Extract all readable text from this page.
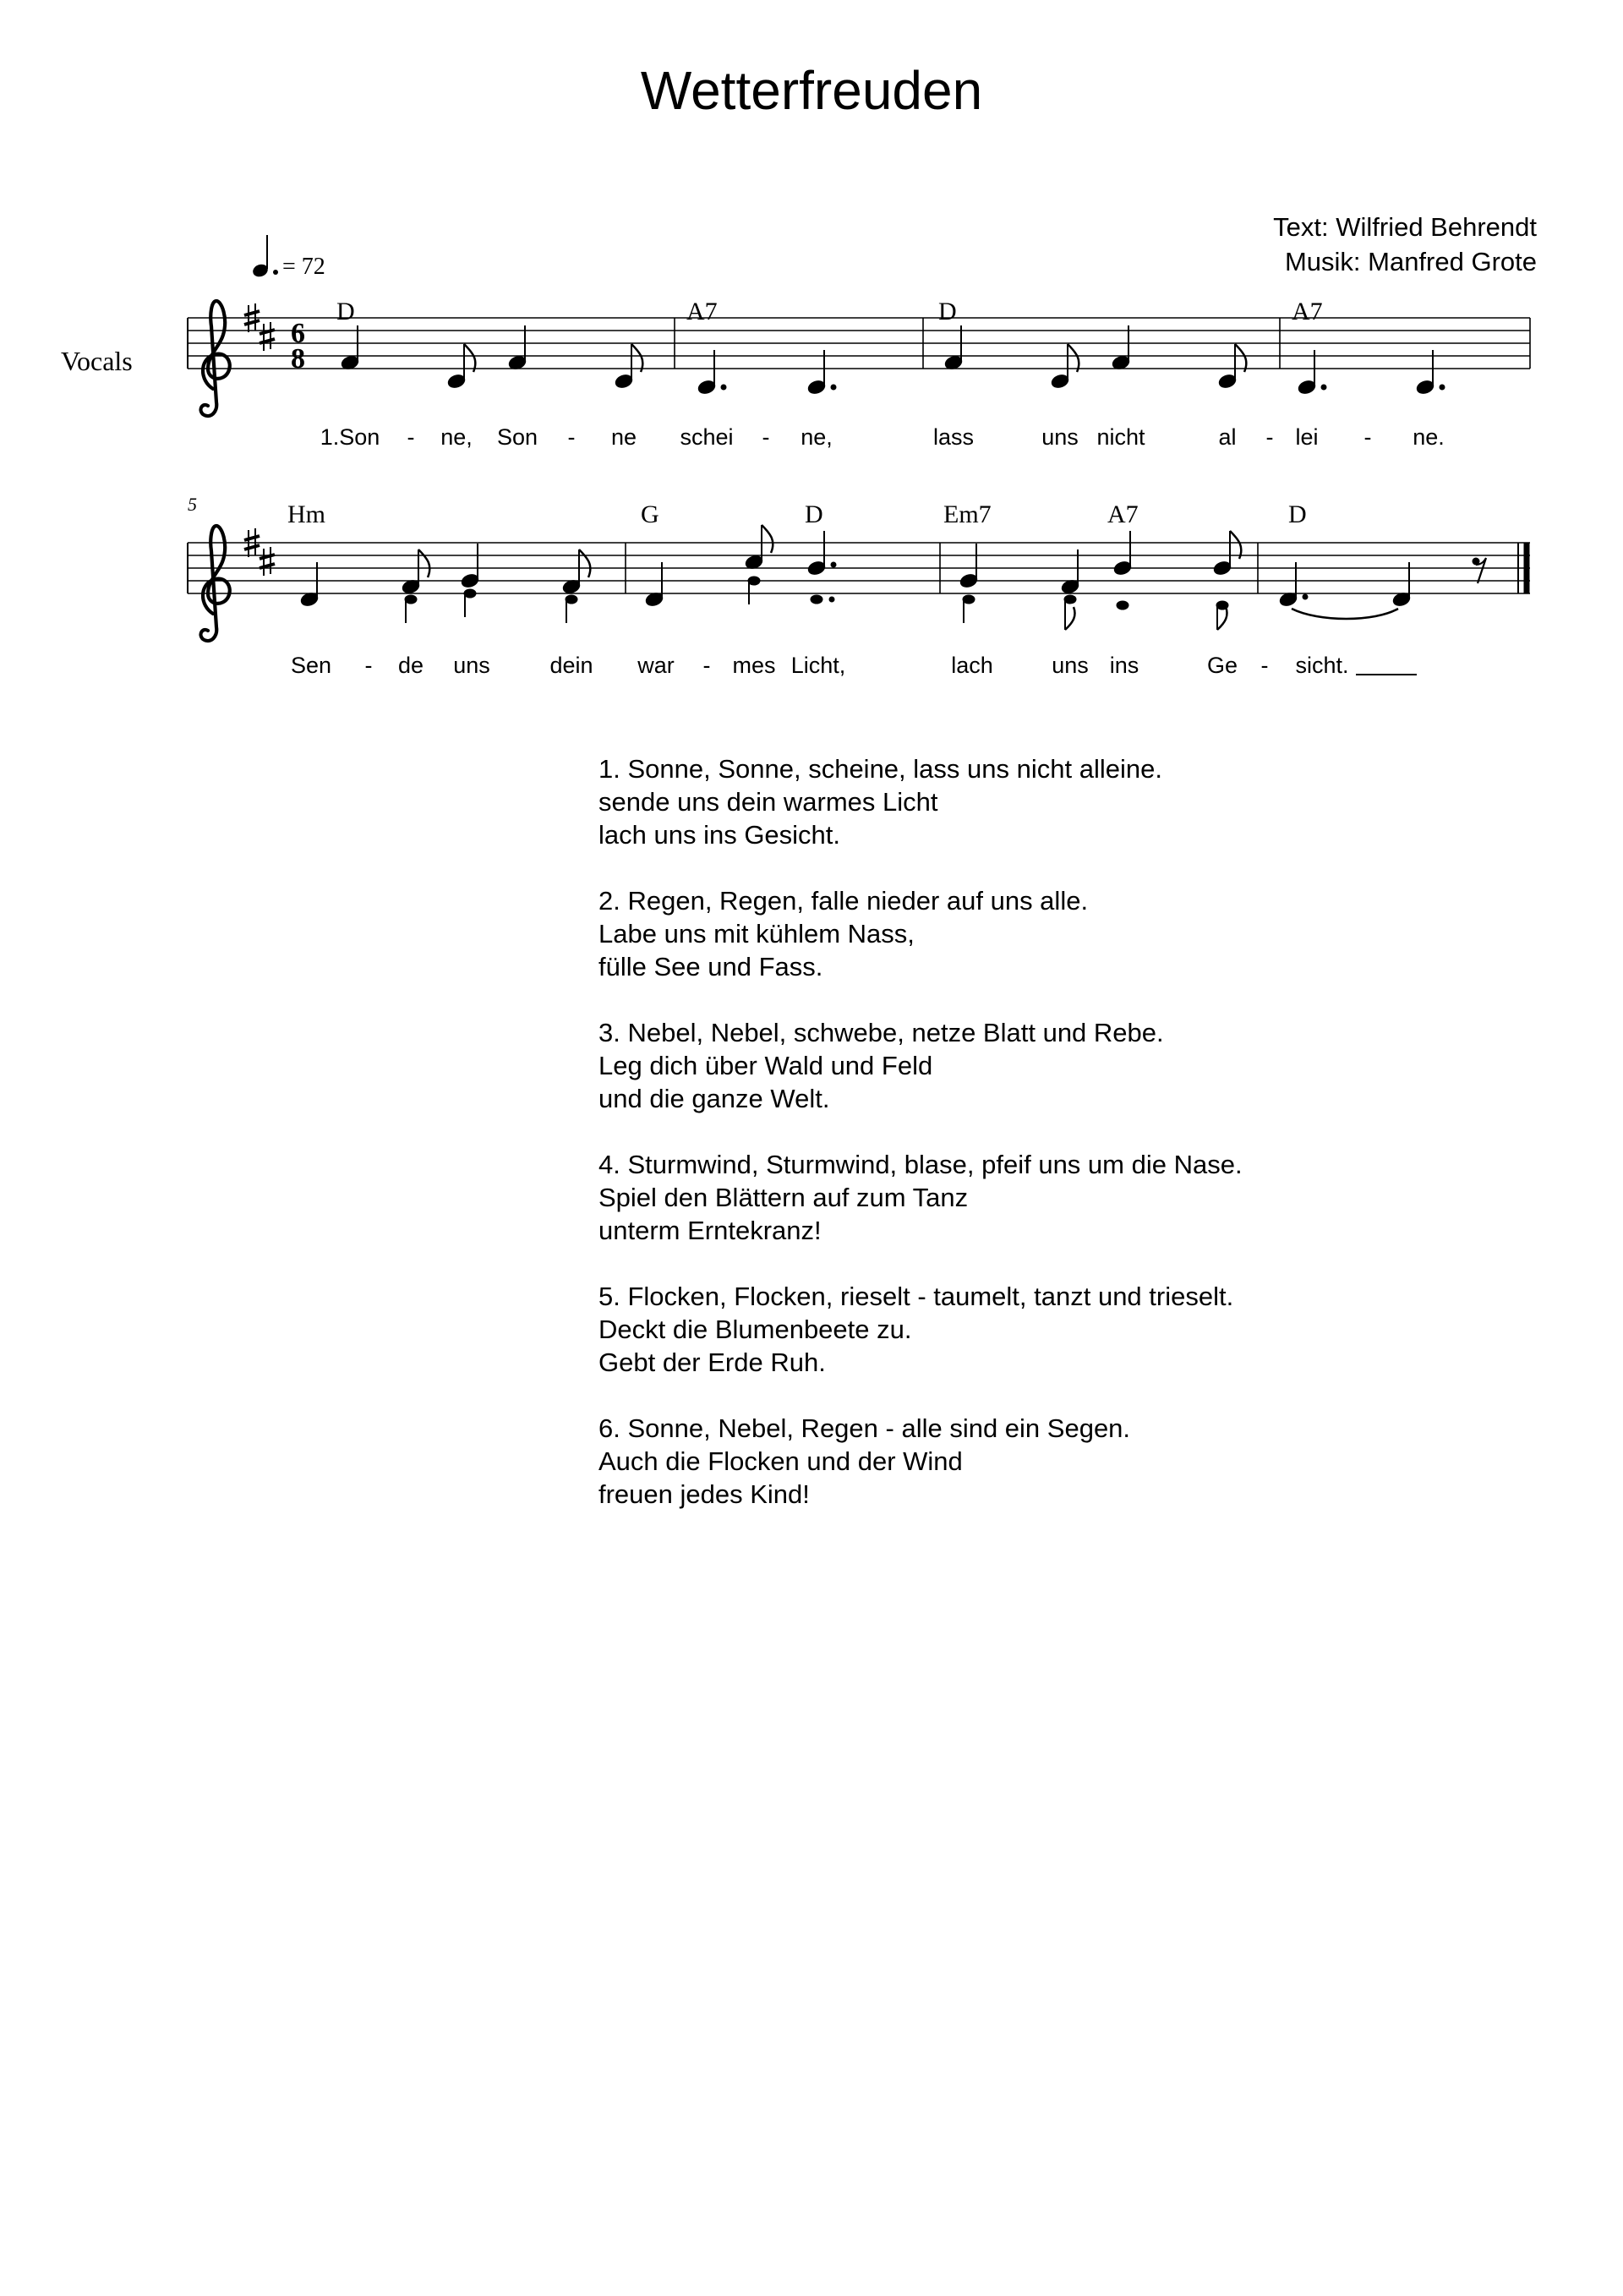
Wetterfreuden
Text: Wilfried Behrendt
Musik: Manfred Grote
= 72
Vocals
6
8
D	A7	D	A7
1.Son - ne, Son - ne schei - ne,	lass	uns nicht	al - lei - ne.
5	Hm	G	D	Em7	A7	D
Sen - de uns	dein war - mes Licht,	lach	uns ins	Ge - sicht.
1. Sonne, Sonne, scheine, lass uns nicht alleine.
sende uns dein warmes Licht
lach uns ins Gesicht.
2. Regen, Regen, falle nieder auf uns alle.
Labe uns mit kühlem Nass,
fülle See und Fass.
3. Nebel, Nebel, schwebe, netze Blatt und Rebe.
Leg dich über Wald und Feld
und die ganze Welt.
4. Sturmwind, Sturmwind, blase, pfeif uns um die Nase.
Spiel den Blättern auf zum Tanz
unterm Erntekranz!
5. Flocken, Flocken, rieselt - taumelt, tanzt und trieselt.
Deckt die Blumenbeete zu.
Gebt der Erde Ruh.
6. Sonne, Nebel, Regen - alle sind ein Segen.
Auch die Flocken und der Wind
freuen jedes Kind!
